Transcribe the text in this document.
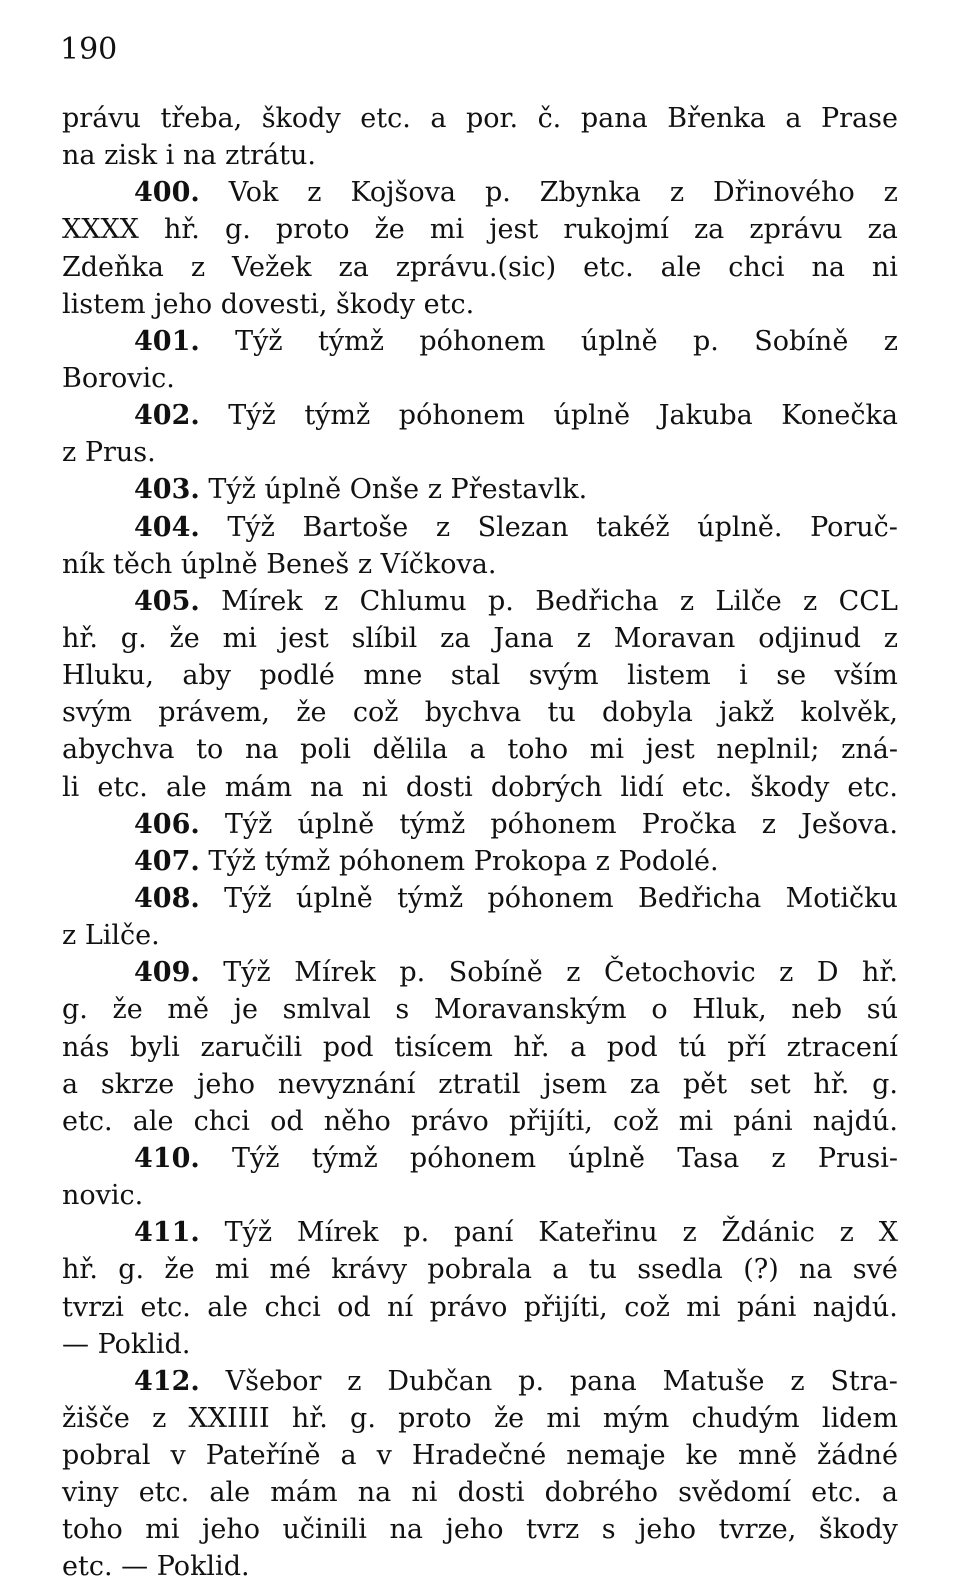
190
právu třeba, škody etc. a por. č. pana Břenka a Prase
na
zisk
i
na
ztrátu.
400. Vok z Kojšova p. Zbynka z Dřinového z
XXXX hř. g. proto že mi jest rukojmí za zprávu za
Zdeňka z Vežek za zprávu.(sic) etc. ale chci na ni
listem
jeho
dovesti,
škody
etc.
401. Týž týmž póhonem úplně p. Sobíně z
Borovic.
402. Týž týmž póhonem úplně Jakuba Konečka
z
Prus.
403.
Týž
úplně
Onše
z
Přestavlk.
404. Týž Bartoše z Slezan takéž úplně. Poruč-
ník
těch
úplně
Beneš
z
Víčkova.
405. Mírek z Chlumu p. Bedřicha z Lilče z CCL
hř. g. že mi jest slíbil za Jana z Moravan odjinud z
Hluku, aby podlé mne stal svým listem i se vším
svým právem, že což bychva tu dobyla jakž kolvěk,
abychva to na poli dělila a toho mi jest neplnil; zná-
li etc. ale mám na ni dosti dobrých lidí etc. škody etc.
406. Týž úplně týmž póhonem Pročka z Ješova.
407.
Týž
týmž
póhonem
Prokopa
z
Podolé.
408. Týž úplně týmž póhonem Bedřicha Motičku
z
Lilče.
409. Týž Mírek p. Sobíně z Četochovic z D hř.
g. že mě je smlval s Moravanským o Hluk, neb sú
nás byli zaručili pod tisícem hř. a pod tú pří ztracení
a skrze jeho nevyznání ztratil jsem za pět set hř. g.
etc. ale chci od něho právo přijíti, což mi páni najdú.
410. Týž týmž póhonem úplně Tasa z Prusi-
novic.
411. Týž Mírek p. paní Kateřinu z Ždánic z X
hř. g. že mi mé krávy pobrala a tu ssedla (?) na své
tvrzi etc. ale chci od ní právo přijíti, což mi páni najdú.
—
Poklid.
412. Všebor z Dubčan p. pana Matuše z Stra-
žišče z XXIIII hř. g. proto že mi mým chudým lidem
pobral v Pateříně a v Hradečné nemaje ke mně žádné
viny etc. ale mám na ni dosti dobrého svědomí etc. a
toho mi jeho učinili na jeho tvrz s jeho tvrze, škody
etc.
—
Poklid.
